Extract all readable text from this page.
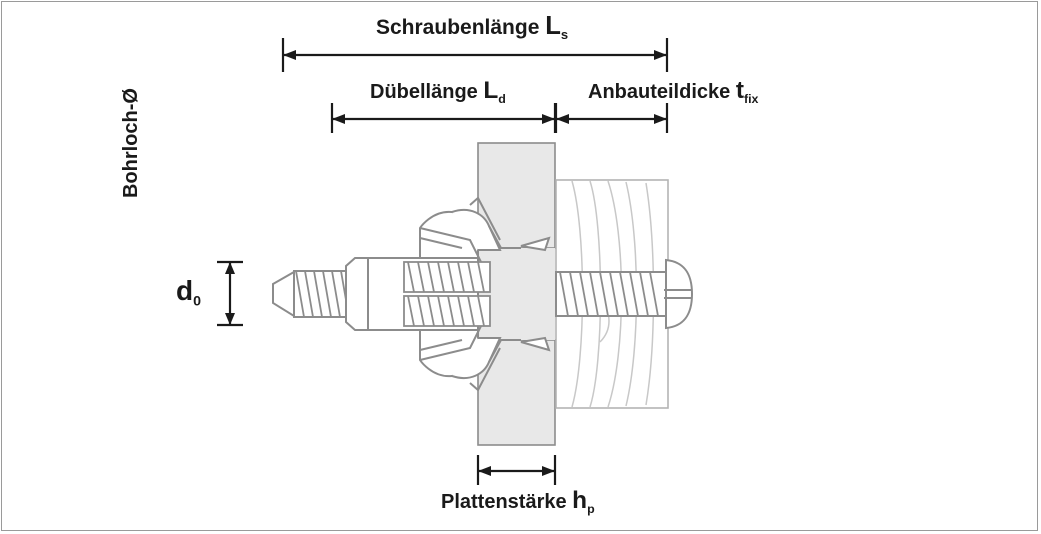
Schraubenlänge $L_s$
Dübellänge $L_d$	Anbauteildicke $t_{fix}$
Bohrloch-Ø
$d_0$
Plattenstärke $h_p$
